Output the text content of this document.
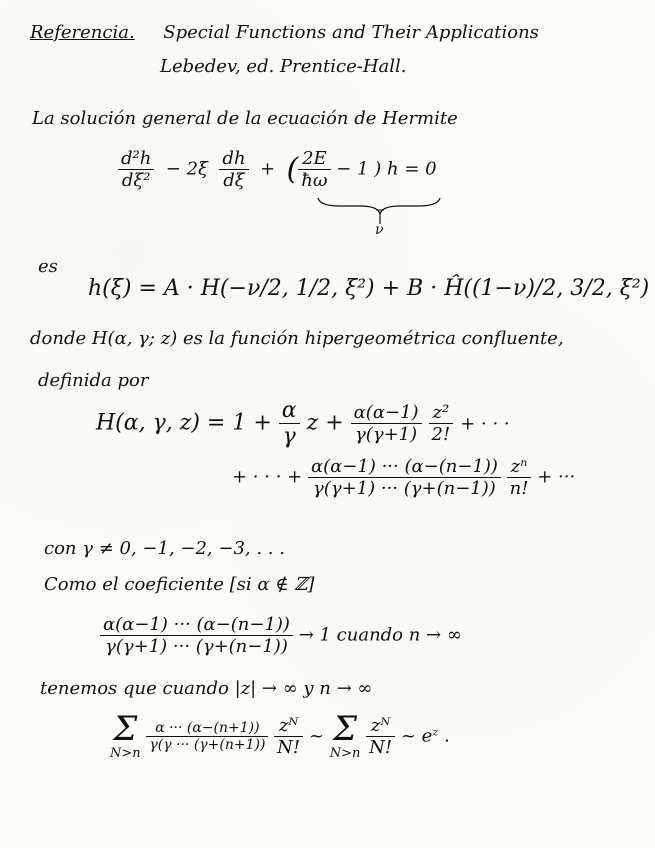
Referencia. Special Functions and Their Applications
Lebedev, ed. Prentice-Hall.
La solución general de la ecuación de Hermite
$\frac{\text{d²h}}{\text{dξ²}} - 2\xi \frac{dh}{d\xi}$ + ( $\frac{2E}{ħ\omega} - 1$ ) h = 0
ν
es
h(ξ) = A · H(−ν/2, 1/2, ξ²) + B · Ĥ((1−ν)/2, 3/2, ξ²)
donde H(α, γ; z) es la función hipergeométrica confluente,
definida por
H(α, γ, $z) = 1 + \frac{\alpha}{\gamma}$ $z + \frac{\alpha(\alpha-1)}{\gamma(\gamma+1)}$
$\frac{\text{z²}}{2!}$ + · · ·
+ · · · + $\frac{\alpha(\alpha-1) \cdot\cdot\cdot (\alpha-(n-1))}{\gamma(\gamma+1) \cdot\cdot\cdot (\gamma+(n-1))}$
$\frac{\text{zⁿ}}{n!}$ + ···
con γ ≠ 0, −1, −2, −3, . . .
Como el coeficiente [si α ∉ ℤ]
$\frac{\alpha(\alpha-1) \cdot\cdot\cdot (\alpha-(n-1))}{\gamma(\gamma+1) \cdot\cdot\cdot (\gamma+(n-1))} \to 1$ cuando n → ∞
tenemos que cuando |z| → ∞ y n → ∞
Σ
N>n

$\frac{\alpha \cdot\cdot\cdot (\alpha-(n+1))}{\gamma(\gamma \cdot\cdot\cdot (\gamma+(n+1))}$
$\frac{\text{zᴺ}}{N!}$ ~ Σ
N>n
$\frac{\text{zᴺ}}{N!}$ ~ eᶻ .
